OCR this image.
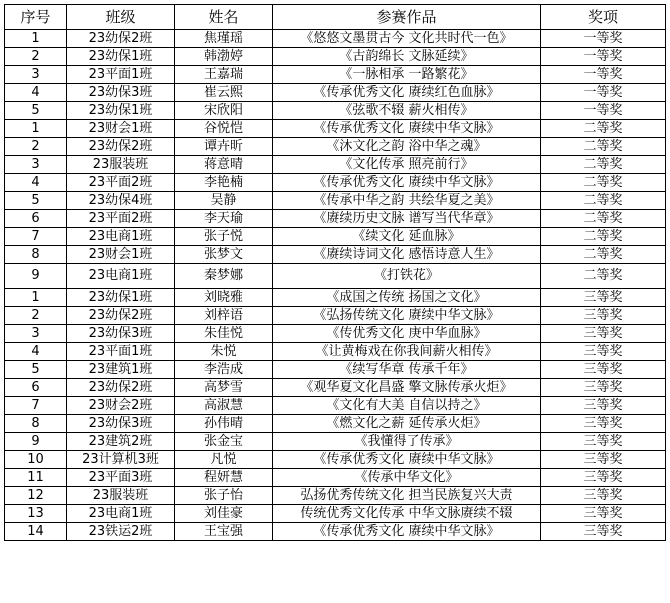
序号	班级	姓名	参赛作品	奖项
1	23幼保2班	焦瑾瑶	《悠悠文墨贯古今 文化共时代一色》	一等奖
2	23幼保1班	韩渤婷	《古韵绵长 文脉延续》	一等奖
3	23平面1班	王嘉瑞	《一脉相承 一路繁花》	一等奖
4	23幼保3班	崔云熙	《传承优秀文化 赓续红色血脉》	一等奖
5	23幼保1班	宋欣阳	《弦歌不辍 薪火相传》	一等奖
1	23财会1班	谷悦恺	《传承优秀文化 赓续中华文脉》	二等奖
2	23幼保2班	谭卉昕	《沐文化之韵 浴中华之魂》	二等奖
3	23服装班	蒋意晴	《文化传承 照亮前行》	二等奖
4	23平面2班	李艳楠	《传承优秀文化 赓续中华文脉》	二等奖
5	23幼保4班	吴静	《传承中华之韵 共绘华夏之美》	二等奖
6	23平面2班	李天瑜	《赓续历史文脉 谱写当代华章》	二等奖
7	23电商1班	张子悦	《续文化 延血脉》	二等奖
8	23财会1班	张梦文	《赓续诗词文化 感悟诗意人生》	二等奖
9	23电商1班	秦梦娜	《打铁花》	二等奖
1	23幼保1班	刘晓雅	《成国之传统 扬国之文化》	三等奖
2	23幼保2班	刘梓语	《弘扬传统文化 赓续中华文脉》	三等奖
3	23幼保3班	朱佳悦	《传优秀文化 庚中华血脉》	三等奖
4	23平面1班	朱悦	《让黄梅戏在你我间薪火相传》	三等奖
5	23建筑1班	李浩成	《续写华章 传承千年》	三等奖
6	23幼保2班	高梦雪	《观华夏文化昌盛 擎文脉传承火炬》	三等奖
7	23财会2班	高淑慧	《文化有大美 自信以持之》	三等奖
8	23幼保3班	孙伟晴	《燃文化之薪 延传承火炬》	三等奖
9	23建筑2班	张金宝	《我懂得了传承》	三等奖
10	23计算机3班	凡悦	《传承优秀文化 赓续中华文脉》	三等奖
11	23平面3班	程妍慧	《传承中华文化》	三等奖
12	23服装班	张子怡	弘扬优秀传统文化 担当民族复兴大责	三等奖
13	23电商1班	刘佳豪	传统优秀文化传承 中华文脉赓续不辍	三等奖
14	23铁运2班	王宝强	《传承优秀文化 赓续中华文脉》	三等奖
